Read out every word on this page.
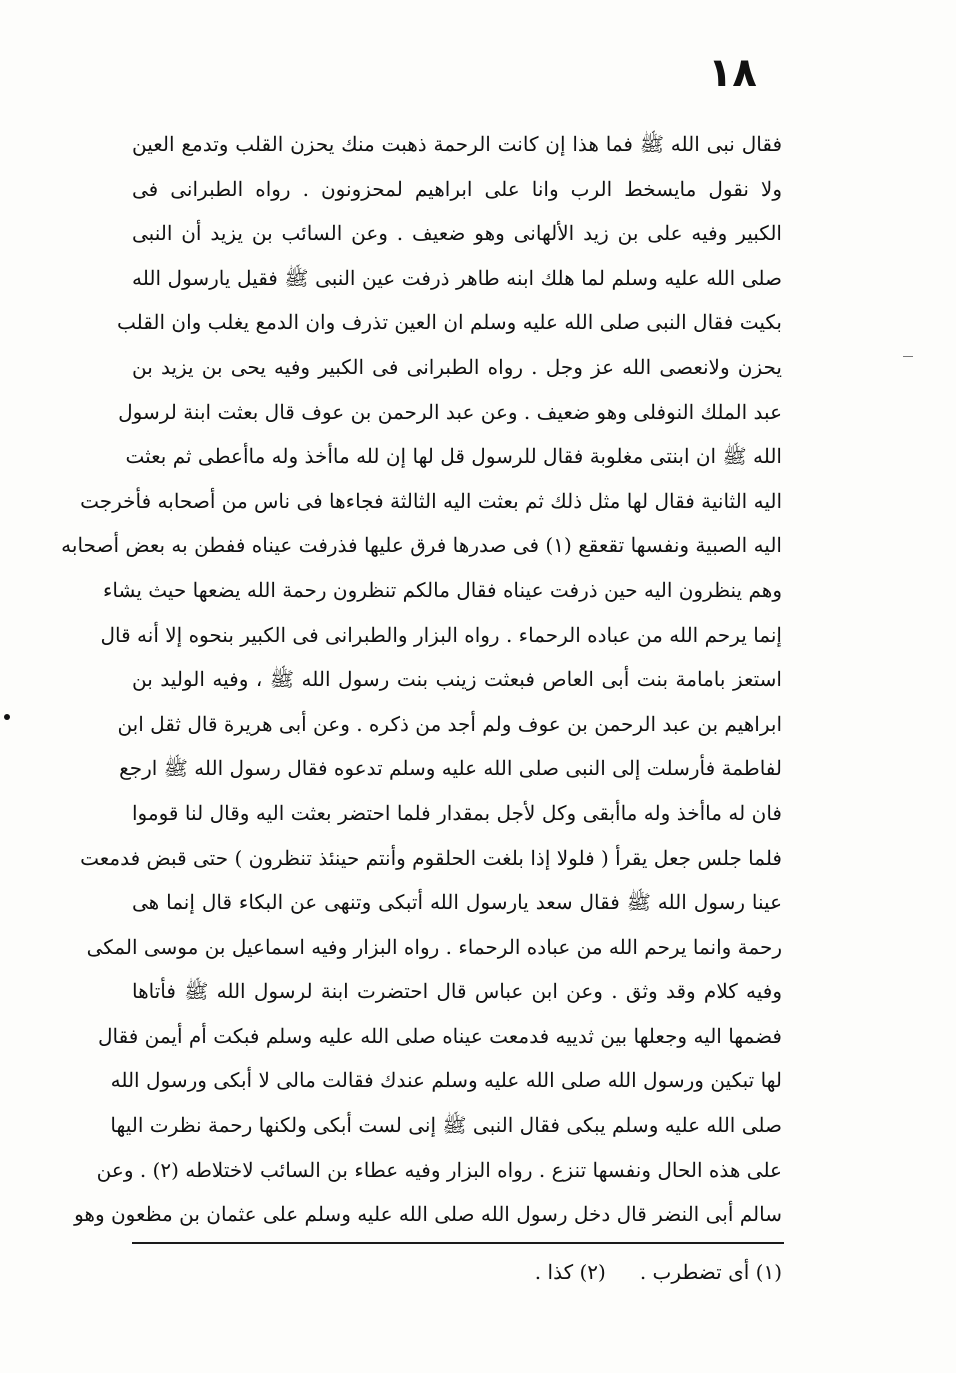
١٨
فقال نبى الله ﷺ فما هذا إن كانت الرحمة ذهبت منك يحزن القلب وتدمع العين
ولا نقول مايسخط الرب وانا على ابراهيم لمحزونون . رواه الطبرانى فى
الكبير وفيه على بن زيد الألهانى وهو ضعيف . وعن السائب بن يزيد أن النبى
صلى الله عليه وسلم لما هلك ابنه طاهر ذرفت عين النبى ﷺ فقيل يارسول الله
بكيت فقال النبى صلى الله عليه وسلم ان العين تذرف وان الدمع يغلب وان القلب
يحزن ولانعصى الله عز وجل . رواه الطبرانى فى الكبير وفيه يحى بن يزيد بن
عبد الملك النوفلى وهو ضعيف . وعن عبد الرحمن بن عوف قال بعثت ابنة لرسول
الله ﷺ ان ابنتى مغلوبة فقال للرسول قل لها إن لله ماأخذ وله ماأعطى ثم بعثت
اليه الثانية فقال لها مثل ذلك ثم بعثت اليه الثالثة فجاءها فى ناس من أصحابه فأخرجت
اليه الصبية ونفسها تقعقع (١) فى صدرها فرق عليها فذرفت عيناه ففطن به بعض أصحابه
وهم ينظرون اليه حين ذرفت عيناه فقال مالكم تنظرون رحمة الله يضعها حيث يشاء
إنما يرحم الله من عباده الرحماء . رواه البزار والطبرانى فى الكبير بنحوه إلا أنه قال
استعز بامامة بنت أبى العاص فبعثت زينب بنت رسول الله ﷺ ، وفيه الوليد بن
ابراهيم بن عبد الرحمن بن عوف ولم أجد من ذكره . وعن أبى هريرة قال ثقل ابن
لفاطمة فأرسلت إلى النبى صلى الله عليه وسلم تدعوه فقال رسول الله ﷺ ارجع
فان له ماأخذ وله ماأبقى وكل لأجل بمقدار فلما احتضر بعثت اليه وقال لنا قوموا
فلما جلس جعل يقرأ ( فلولا إذا بلغت الحلقوم وأنتم حينئذ تنظرون ) حتى قبض فدمعت
عينا رسول الله ﷺ فقال سعد يارسول الله أتبكى وتنهى عن البكاء قال إنما هى
رحمة وانما يرحم الله من عباده الرحماء . رواه البزار وفيه اسماعيل بن موسى المكى
وفيه كلام وقد وثق . وعن ابن عباس قال احتضرت ابنة لرسول الله ﷺ فأتاها
فضمها اليه وجعلها بين ثدييه فدمعت عيناه صلى الله عليه وسلم فبكت أم أيمن فقال
لها تبكين ورسول الله صلى الله عليه وسلم عندك فقالت مالى لا أبكى ورسول الله
صلى الله عليه وسلم يبكى فقال النبى ﷺ إنى لست أبكى ولكنها رحمة نظرت اليها
على هذه الحال ونفسها تنزع . رواه البزار وفيه عطاء بن السائب لاختلاطه (٢) . وعن
سالم أبى النضر قال دخل رسول الله صلى الله عليه وسلم على عثمان بن مظعون وهو
(١) أى تضطرب .
(٢) كذا .
